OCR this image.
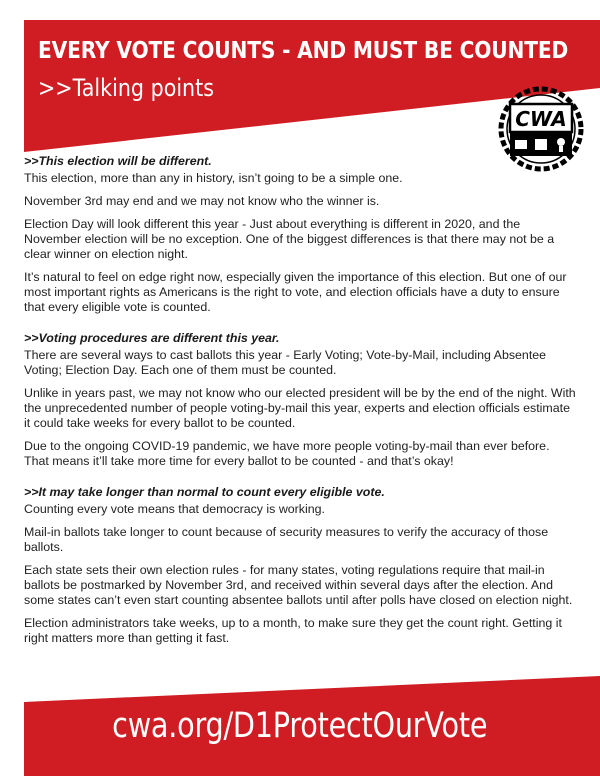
EVERY VOTE COUNTS - AND MUST BE COUNTED
>>Talking points
CWA

>>This election will be different.

This election, more than any in history, isn’t going to be a simple one.

November 3rd may end and we may not know who the winner is.

Election Day will look different this year - Just about everything is different in 2020, and the November election will be no exception. One of the biggest differences is that there may not be a clear winner on election night.

It’s natural to feel on edge right now, especially given the importance of this election. But one of our most important rights as Americans is the right to vote, and election officials have a duty to ensure that every eligible vote is counted.

>>Voting procedures are different this year.

There are several ways to cast ballots this year - Early Voting; Vote-by-Mail, including Absentee Voting; Election Day. Each one of them must be counted.

Unlike in years past, we may not know who our elected president will be by the end of the night. With the unprecedented number of people voting-by-mail this year, experts and election officials estimate it could take weeks for every ballot to be counted.

Due to the ongoing COVID-19 pandemic, we have more people voting-by-mail than ever before. That means it’ll take more time for every ballot to be counted - and that’s okay!

>>It may take longer than normal to count every eligible vote.

Counting every vote means that democracy is working.

Mail-in ballots take longer to count because of security measures to verify the accuracy of those ballots.

Each state sets their own election rules - for many states, voting regulations require that mail-in ballots be postmarked by November 3rd, and received within several days after the election. And some states can’t even start counting absentee ballots until after polls have closed on election night.

Election administrators take weeks, up to a month, to make sure they get the count right. Getting it right matters more than getting it fast.

cwa.org/D1ProtectOurVote
